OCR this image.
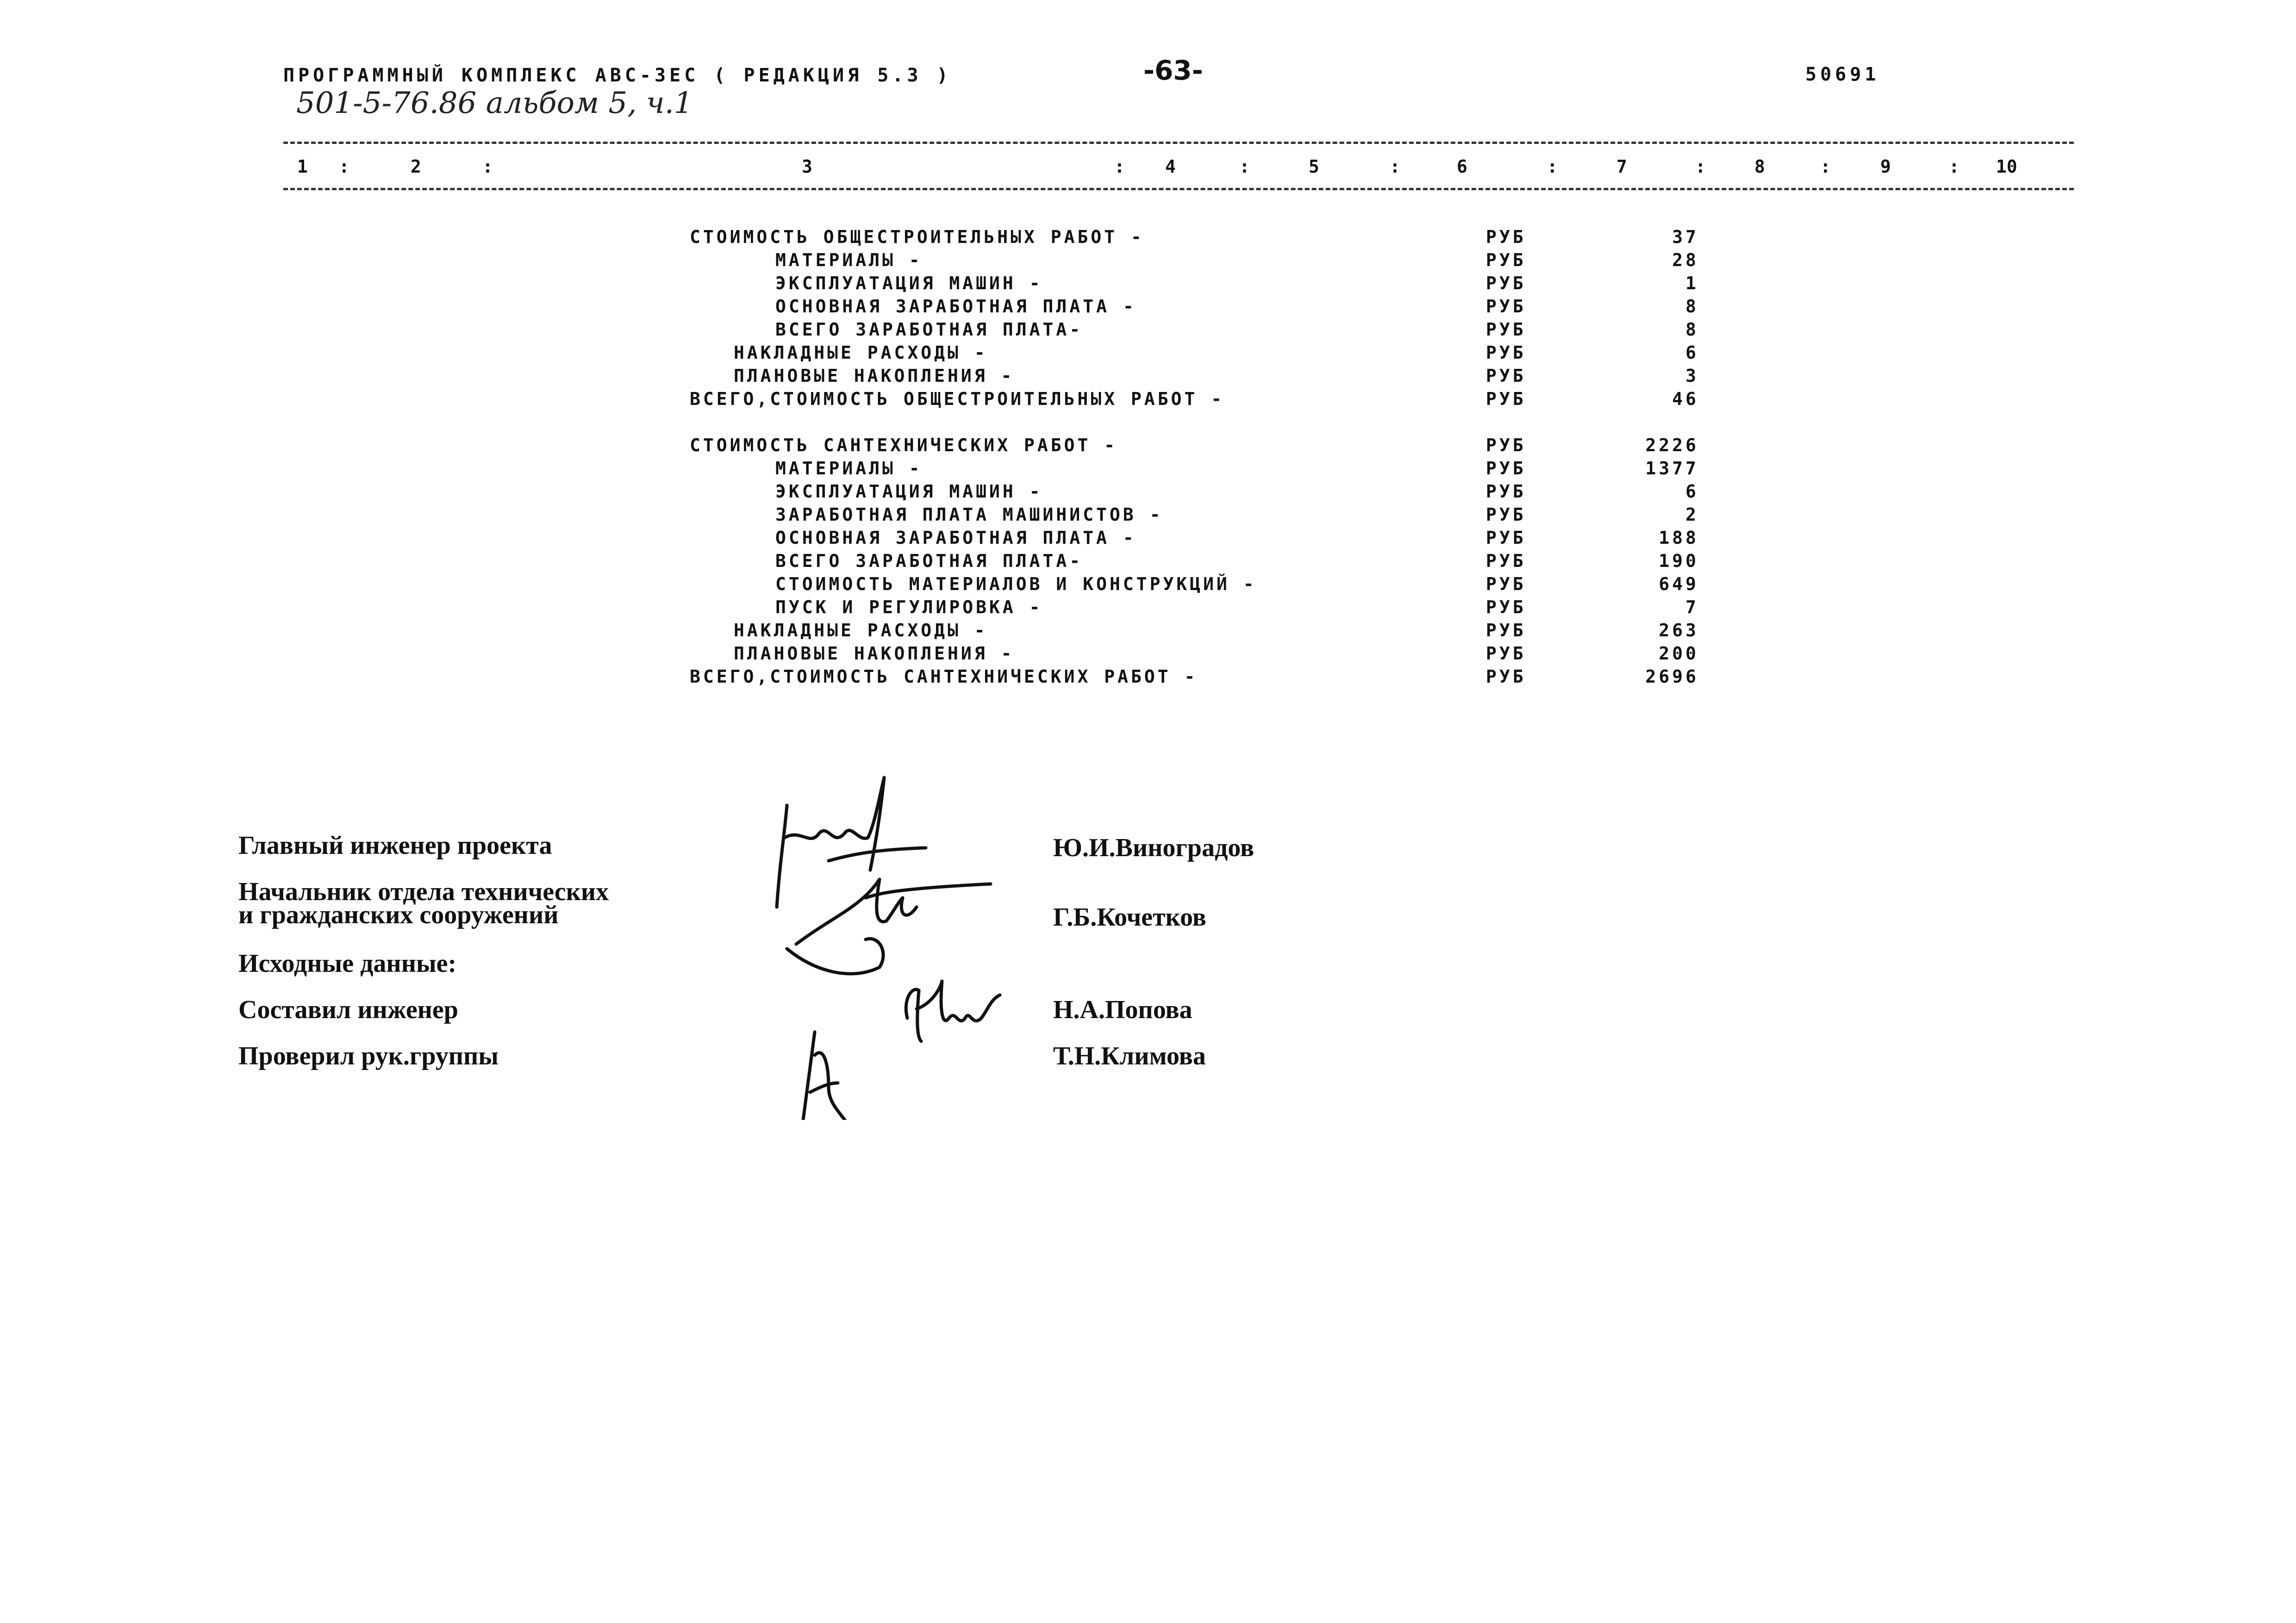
ПРОГРАММНЫЙ КОМПЛЕКС АВС-ЗЕС ( РЕДАКЦИЯ 5.3 )	-63-	50691
501-5-76.86 альбом 5, ч.1
1 :	2	:	3	: 4	:	5	:	6	:	7	:	8	:	9	: 10
СТОИМОСТЬ ОБЩЕСТРОИТЕЛЬНЫХ РАБОТ -	РУБ	37
МАТЕРИАЛЫ -	РУБ	28
ЭКСПЛУАТАЦИЯ МАШИН -	РУБ	1
ОСНОВНАЯ ЗАРАБОТНАЯ ПЛАТА -	РУБ	8
ВСЕГО ЗАРАБОТНАЯ ПЛАТА-	РУБ	8
НАКЛАДНЫЕ РАСХОДЫ -	РУБ	6
ПЛАНОВЫЕ НАКОПЛЕНИЯ -	РУБ	3
ВСЕГО,СТОИМОСТЬ ОБЩЕСТРОИТЕЛЬНЫХ РАБОТ -	РУБ	46
СТОИМОСТЬ САНТЕХНИЧЕСКИХ РАБОТ -	РУБ	2226
МАТЕРИАЛЫ -	РУБ	1377
ЭКСПЛУАТАЦИЯ МАШИН -	РУБ	6
ЗАРАБОТНАЯ ПЛАТА МАШИНИСТОВ -	РУБ	2
ОСНОВНАЯ ЗАРАБОТНАЯ ПЛАТА -	РУБ	188
ВСЕГО ЗАРАБОТНАЯ ПЛАТА-	РУБ	190
СТОИМОСТЬ МАТЕРИАЛОВ И КОНСТРУКЦИЙ -	РУБ	649
ПУСК И РЕГУЛИРОВКА -	РУБ	7
НАКЛАДНЫЕ РАСХОДЫ -	РУБ	263
ПЛАНОВЫЕ НАКОПЛЕНИЯ -	РУБ	200
ВСЕГО,СТОИМОСТЬ САНТЕХНИЧЕСКИХ РАБОТ -	РУБ	2696
Главный инженер проекта	Ю.И.Виноградов
Начальник отдела технических
и гражданских сооружений	Г.Б.Кочетков
Исходные данные:
Составил инженер	Н.А.Попова
Проверил рук.группы	Т.Н.Климова
